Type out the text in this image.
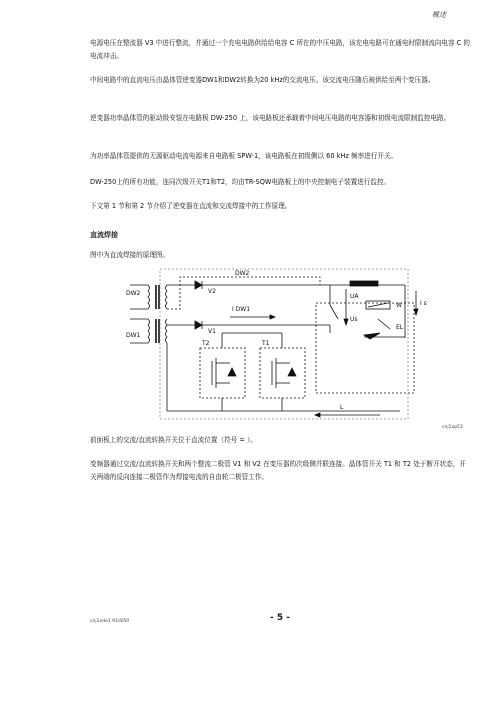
概述

电源电压在整流器 V3 中进行整流，并通过一个充电电路供给给电容 C 所在的中压电路，该充电电路可在通电时限制流向电容 C 的电流冲击。

中间电路中的直流电压由晶体管逆变器DW1和DW2转换为20 kHz的交流电压。该交流电压随后被供给至两个变压器。

逆变器功率晶体管的驱动级安装在电路板 DW-250 上，该电路板还承载着中间电压电路的电容器和初级电流限制监控电路。

为功率晶体管提供的无源驱动电流电源来自电路板 SPW-1，该电路板在初级侧以 60 kHz 频率进行开关。

DW-250上的所有功能，连同次级开关T1和T2，均由TR-SQW电路板上的中央控制电子装置进行监控。

下文第 1 节和第 2 节介绍了逆变器在直流和交流焊接中的工作原理。

直流焊接

图中为直流焊接的原理图。

DW2
DW1
DW2
V2
V1
I DW1
T2	T1
UA
Us
W	I s
EL
L
cnj1ap53

前面板上的交流/直流转换开关位于直流位置（符号 = ）。

变频器通过交流/直流转换开关和两个整流二极管 V1 和 V2 在变压器的次级侧并联连接。晶体管开关 T1 和 T2 处于断开状态，开关两端的反向连接二极管作为焊接电流的自由轮二极管工作。

- 5 -
cnj1ede1 91d050
